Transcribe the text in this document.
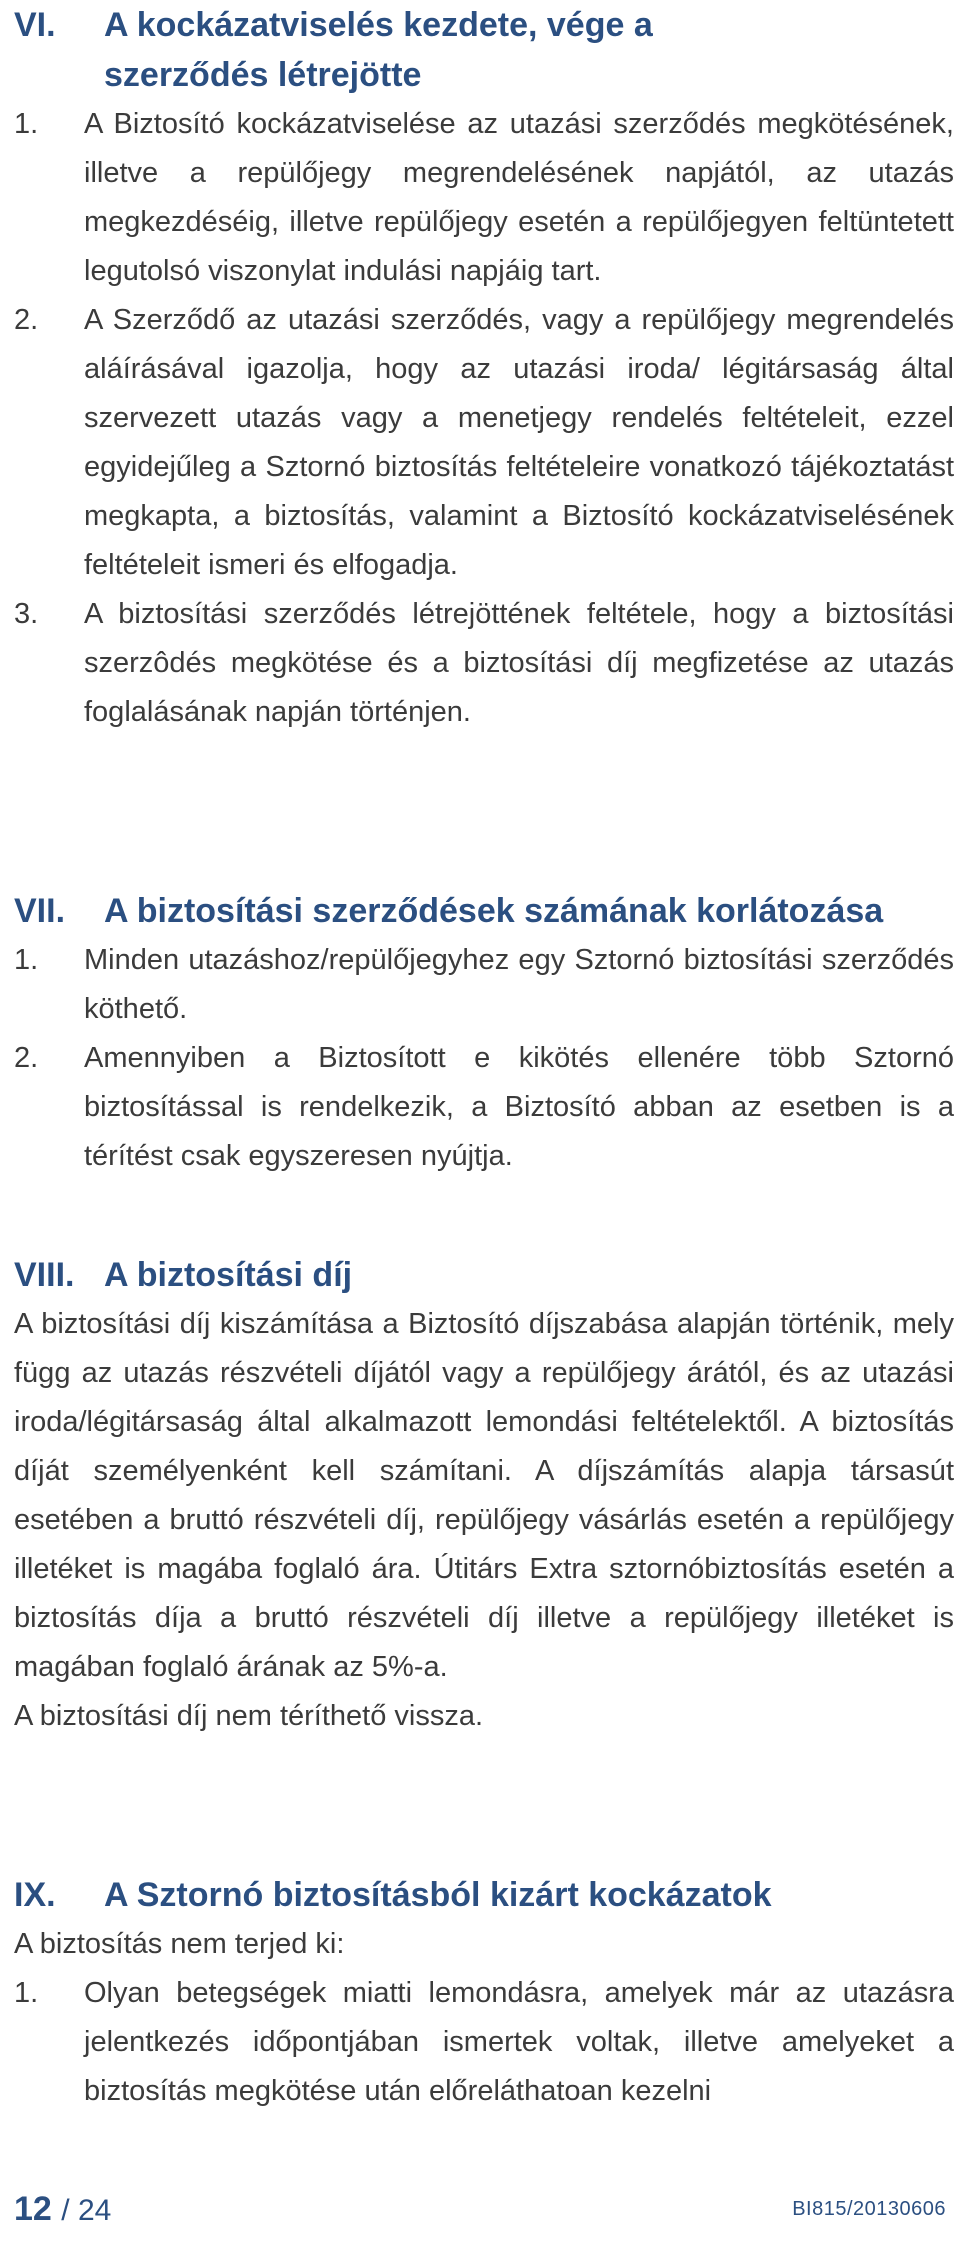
VI. A kockázatviselés kezdete, vége a szerződés létrejötte
1. A Biztosító kockázatviselése az utazási szerződés megkötésének, illetve a repülőjegy megrendelésének napjától, az utazás megkezdéséig, illetve repülőjegy esetén a repülőjegyen feltüntetett legutolsó viszonylat indulási napjáig tart.
2. A Szerződő az utazási szerződés, vagy a repülőjegy megrendelés aláírásával igazolja, hogy az utazási iroda/ légitársaság által szervezett utazás vagy a menetjegy rendelés feltételeit, ezzel egyidejűleg a Sztornó biztosítás feltételeire vonatkozó tájékoztatást megkapta, a biztosítás, valamint a Biztosító kockázatviselésének feltételeit ismeri és elfogadja.
3. A biztosítási szerződés létrejöttének feltétele, hogy a biztosítási szerzôdés megkötése és a biztosítási díj megfizetése az utazás foglalásának napján történjen.
VII. A biztosítási szerződések számának korlátozása
1. Minden utazáshoz/repülőjegyhez egy Sztornó biztosítási szerződés köthető.
2. Amennyiben a Biztosított e kikötés ellenére több Sztornó biztosítással is rendelkezik, a Biztosító abban az esetben is a térítést csak egyszeresen nyújtja.
VIII. A biztosítási díj
A biztosítási díj kiszámítása a Biztosító díjszabása alapján történik, mely függ az utazás részvételi díjától vagy a repülőjegy árától, és az utazási iroda/légitársaság által alkalmazott lemondási feltételektől. A biztosítás díját személyenként kell számítani. A díjszámítás alapja társasút esetében a bruttó részvételi díj, repülőjegy vásárlás esetén a repülőjegy illetéket is magába foglaló ára. Útitárs Extra sztornóbiztosítás esetén a biztosítás díja a bruttó részvételi díj illetve a repülőjegy illetéket is magában foglaló árának az 5%-a.
A biztosítási díj nem téríthető vissza.
IX. A Sztornó biztosításból kizárt kockázatok
A biztosítás nem terjed ki:
1. Olyan betegségek miatti lemondásra, amelyek már az utazásra jelentkezés időpontjában ismertek voltak, illetve amelyeket a biztosítás megkötése után előreláthatoan kezelni
12 / 24	BI815/20130606
